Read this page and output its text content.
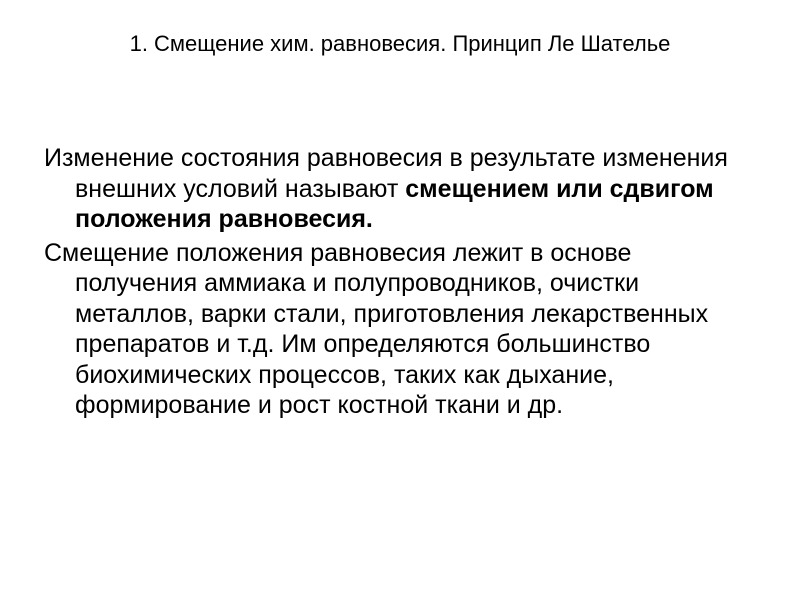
1. Смещение хим. равновесия. Принцип Ле Шателье

Изменение состояния равновесия в результате изменения внешних условий называют смещением или сдвигом положения равновесия.

Смещение положения равновесия лежит в основе получения аммиака и полупроводников, очистки металлов, варки стали, приготовления лекарственных препаратов и т.д. Им определяются большинство биохимических процессов, таких как дыхание, формирование и рост костной ткани и др.
